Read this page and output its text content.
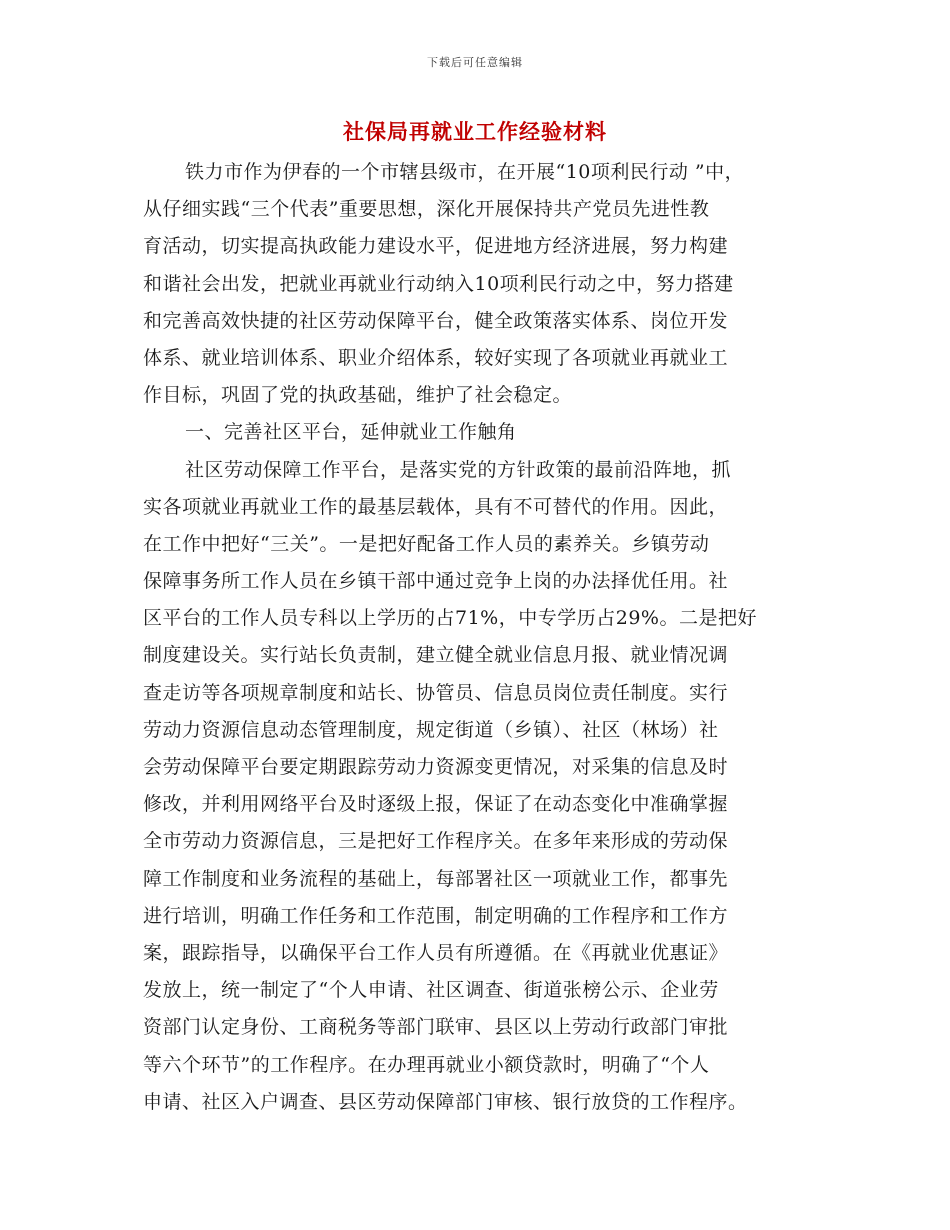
下载后可任意编辑
社保局再就业工作经验材料
铁力市作为伊春的一个市辖县级市，在开展“10项利民行动 ”中，
从仔细实践“三个代表”重要思想，深化开展保持共产党员先进性教
育活动，切实提高执政能力建设水平，促进地方经济进展，努力构建
和谐社会出发，把就业再就业行动纳入10项利民行动之中，努力搭建
和完善高效快捷的社区劳动保障平台，健全政策落实体系、岗位开发
体系、就业培训体系、职业介绍体系，较好实现了各项就业再就业工
作目标，巩固了党的执政基础，维护了社会稳定。
一、完善社区平台，延伸就业工作触角
社区劳动保障工作平台，是落实党的方针政策的最前沿阵地，抓
实各项就业再就业工作的最基层载体，具有不可替代的作用。因此，
在工作中把好“三关”。一是把好配备工作人员的素养关。乡镇劳动
保障事务所工作人员在乡镇干部中通过竞争上岗的办法择优任用。社
区平台的工作人员专科以上学历的占71%，中专学历占29%。二是把好
制度建设关。实行站长负责制，建立健全就业信息月报、就业情况调
查走访等各项规章制度和站长、协管员、信息员岗位责任制度。实行
劳动力资源信息动态管理制度，规定街道（乡镇）、社区（林场）社
会劳动保障平台要定期跟踪劳动力资源变更情况，对采集的信息及时
修改，并利用网络平台及时逐级上报，保证了在动态变化中准确掌握
全市劳动力资源信息，三是把好工作程序关。在多年来形成的劳动保
障工作制度和业务流程的基础上，每部署社区一项就业工作，都事先
进行培训，明确工作任务和工作范围，制定明确的工作程序和工作方
案，跟踪指导，以确保平台工作人员有所遵循。在《再就业优惠证》
发放上，统一制定了“个人申请、社区调查、街道张榜公示、企业劳
资部门认定身份、工商税务等部门联审、县区以上劳动行政部门审批
等六个环节”的工作程序。在办理再就业小额贷款时，明确了“个人
申请、社区入户调查、县区劳动保障部门审核、银行放贷的工作程序。
